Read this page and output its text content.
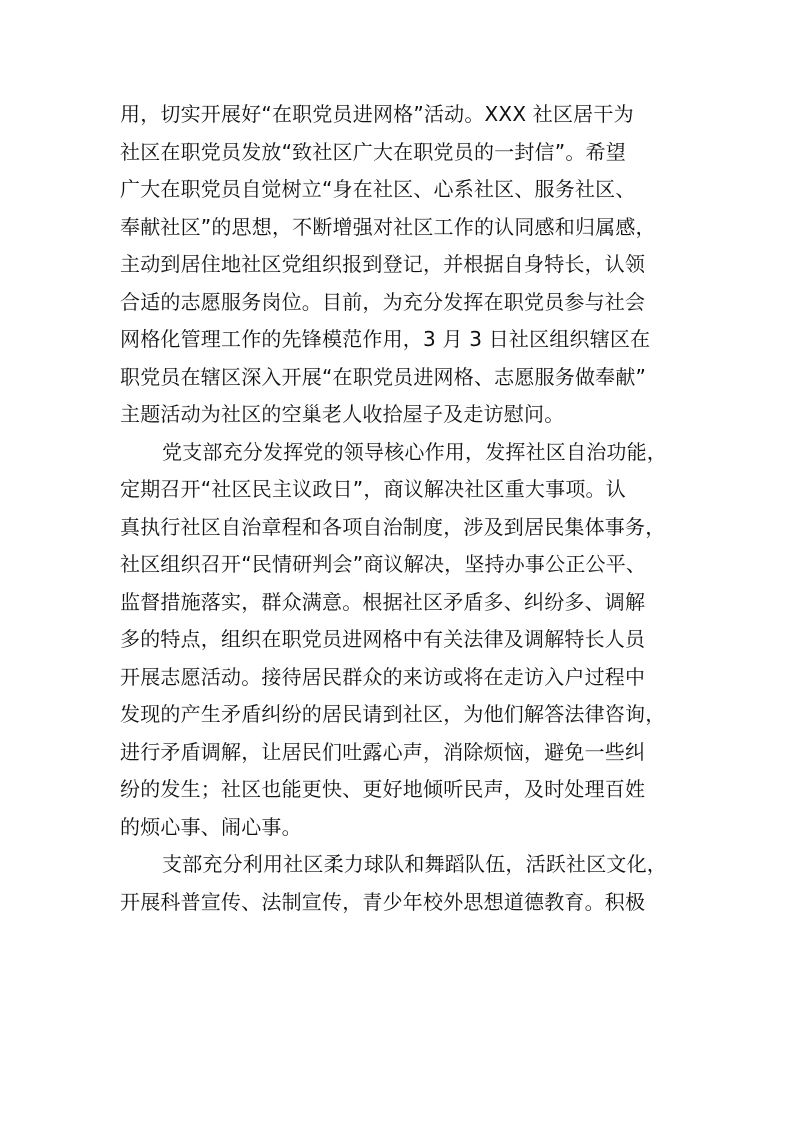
用，切实开展好“在职党员进网格”活动。XXX 社区居干为
社区在职党员发放“致社区广大在职党员的一封信”。希望
广大在职党员自觉树立“身在社区、心系社区、服务社区、
奉献社区”的思想，不断增强对社区工作的认同感和归属感，
主动到居住地社区党组织报到登记，并根据自身特长，认领
合适的志愿服务岗位。目前，为充分发挥在职党员参与社会
网格化管理工作的先锋模范作用，3 月 3 日社区组织辖区在
职党员在辖区深入开展“在职党员进网格、志愿服务做奉献”
主题活动为社区的空巢老人收拾屋子及走访慰问。
党支部充分发挥党的领导核心作用，发挥社区自治功能，
定期召开“社区民主议政日”，商议解决社区重大事项。认
真执行社区自治章程和各项自治制度，涉及到居民集体事务，
社区组织召开“民情研判会”商议解决，坚持办事公正公平、
监督措施落实，群众满意。根据社区矛盾多、纠纷多、调解
多的特点，组织在职党员进网格中有关法律及调解特长人员
开展志愿活动。接待居民群众的来访或将在走访入户过程中
发现的产生矛盾纠纷的居民请到社区，为他们解答法律咨询，
进行矛盾调解，让居民们吐露心声，消除烦恼，避免一些纠
纷的发生；社区也能更快、更好地倾听民声，及时处理百姓
的烦心事、闹心事。
支部充分利用社区柔力球队和舞蹈队伍，活跃社区文化，
开展科普宣传、法制宣传，青少年校外思想道德教育。积极
